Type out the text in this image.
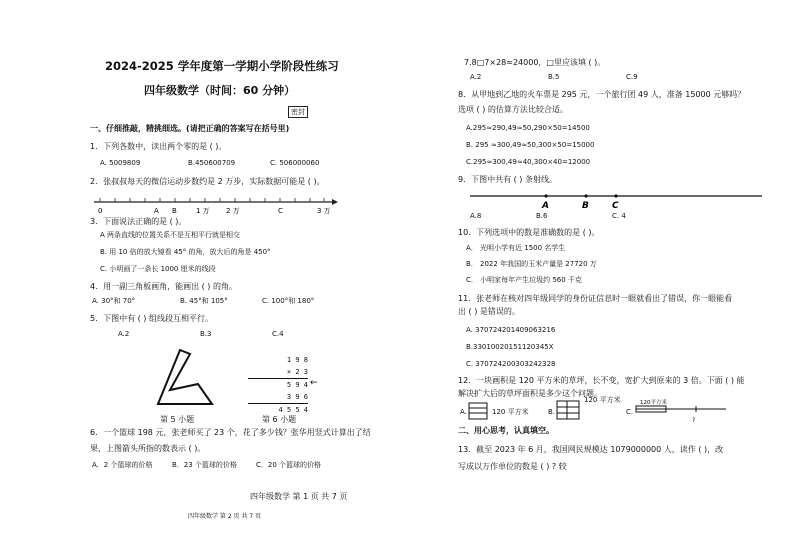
2024-2025 学年度第一学期小学阶段性练习
四年级数学（时间：60 分钟）
密封
一、仔细推敲，精挑细选。(请把正确的答案写在括号里)
1．下列各数中，读出两个零的是 ( )。
A. 5009809	B.450600709	C. 506000060
2．张叔叔每天的微信运动步数约是 2 万步，实际数据可能是 ( )。
0	A B	1 万 2 万	C	3 万
3．下面说法正确的是 ( )。
A 两条直线的位置关系不是互相平行就是相交
B. 用 10 倍的放大镜看 45° 的角，放大后的角是 450°
C. 小明画了一条长 1000 厘米的线段
4．用一副三角板画角，能画出 ( ) 的角。
A. 30°和 70°	B. 45°和 105°	C. 100°和 180°
5．下图中有 ( ) 组线段互相平行。
A.2	B.3	C.4
1 9 8
× 2 3
5 9 4
3 9 6
4 5 5 4
←
第 5 小题	第 6 小题
6．一个篮球 198 元，张老师买了 23 个，花了多少钱？张华用竖式计算出了结
果，上图箭头所指的数表示 ( )。
A．2 个篮球的价格	B．23 个篮球的价格	C．20 个篮球的价格
四年级数学 第 1 页 共 7 页
四年级数学 第 2 页 共 7 页
7.8□7×28≈24000，□里应该填 ( )。
A.2	B.5	C.9
8．从甲地到乙地的火车票是 295 元，一个旅行团 49 人，准备 15000 元够吗？
选项 ( ) 的估算方法比较合适。
A.295≈290,49≈50,290×50=14500
B. 295 ≈300,49≈50,300×50=15000
C.295≈300,49≈40,300×40=12000
9．下图中共有 ( ) 条射线。
A	B	C
A.8	B.6	C. 4
10．下列选项中的数是准确数的是 ( )。
A． 光明小学有近 1500 名学生
B． 2022 年我国的玉米产量是 27720 万
C． 小明家每年产生垃圾约 560 千克
11．张老师在核对四年级同学的身份证信息时一眼就看出了错误，你一眼能看
出 ( ) 是错误的。
A. 370724201409063216
B.33010020151120345X
C. 370724200303242328
12．一块画积是 120 平方米的草坪，长不变，宽扩大到原来的 3 倍。下面 ( ) 能
解决扩大后的草坪面积是多少这个问题。
A.	120 平方米	B.
120 平方米
C.
120平方米
?
二、用心思考，认真填空。
13．截至 2023 年 6 月，我国网民规模达 1079000000 人，读作 ( )，改
写成以万作单位的数是 ( ) ? 较
